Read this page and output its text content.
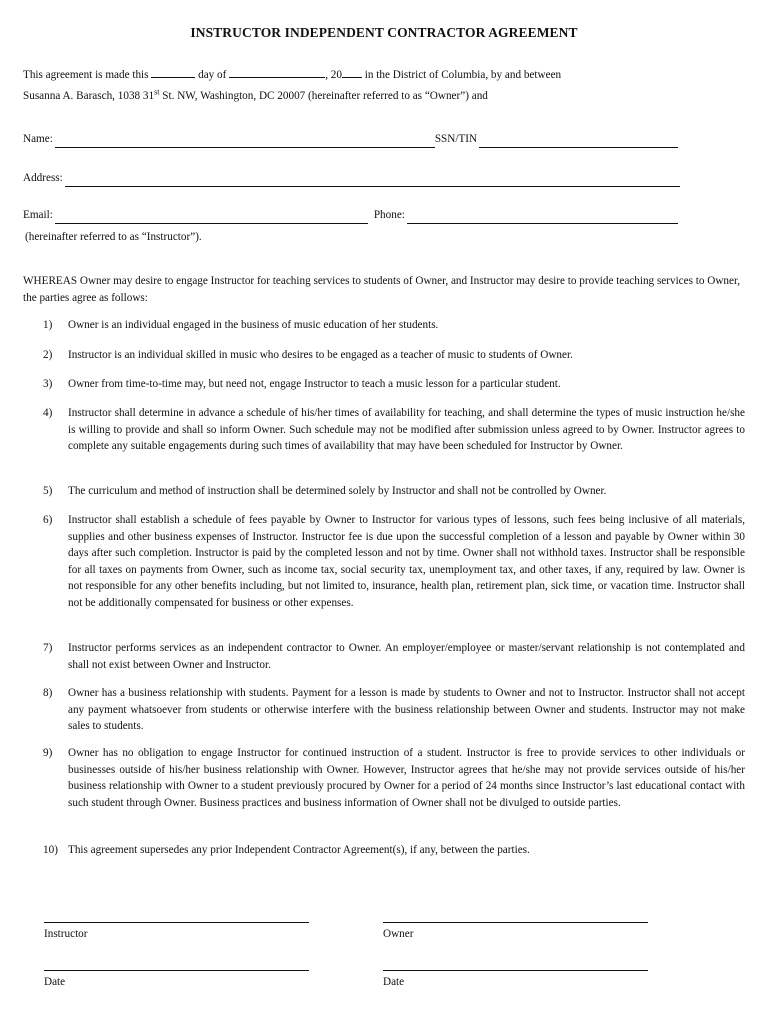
INSTRUCTOR INDEPENDENT CONTRACTOR AGREEMENT
This agreement is made this	day of	, 20 in the District of Columbia, by and between
Susanna A. Barasch, 1038 31st St. NW, Washington, DC 20007 (hereinafter referred to as “Owner”) and
Name:	SSN/TIN
Address:
Email:	Phone:
(hereinafter referred to as “Instructor”).
WHEREAS Owner may desire to engage Instructor for teaching services to students of Owner, and Instructor may desire to provide teaching services to Owner, the parties agree as follows:
1)	Owner is an individual engaged in the business of music education of her students.
2)	Instructor is an individual skilled in music who desires to be engaged as a teacher of music to students of Owner.
3)	Owner from time-to-time may, but need not, engage Instructor to teach a music lesson for a particular student.
4)	Instructor shall determine in advance a schedule of his/her times of availability for teaching, and shall determine the types of music instruction he/she is willing to provide and shall so inform Owner. Such schedule may not be modified after submission unless agreed to by Owner. Instructor agrees to complete any suitable engagements during such times of availability that may have been scheduled for Instructor by Owner.
5)	The curriculum and method of instruction shall be determined solely by Instructor and shall not be controlled by Owner.
6)	Instructor shall establish a schedule of fees payable by Owner to Instructor for various types of lessons, such fees being inclusive of all materials, supplies and other business expenses of Instructor. Instructor fee is due upon the successful completion of a lesson and payable by Owner within 30 days after such completion. Instructor is paid by the completed lesson and not by time. Owner shall not withhold taxes. Instructor shall be responsible for all taxes on payments from Owner, such as income tax, social security tax, unemployment tax, and other taxes, if any, required by law. Owner is not responsible for any other benefits including, but not limited to, insurance, health plan, retirement plan, sick time, or vacation time. Instructor shall not be additionally compensated for business or other expenses.
7)	Instructor performs services as an independent contractor to Owner. An employer/employee or master/servant relationship is not contemplated and shall not exist between Owner and Instructor.
8)	Owner has a business relationship with students. Payment for a lesson is made by students to Owner and not to Instructor. Instructor shall not accept any payment whatsoever from students or otherwise interfere with the business relationship between Owner and students. Instructor may not make sales to students.
9)	Owner has no obligation to engage Instructor for continued instruction of a student. Instructor is free to provide services to other individuals or businesses outside of his/her business relationship with Owner. However, Instructor agrees that he/she may not provide services outside of his/her business relationship with Owner to a student previously procured by Owner for a period of 24 months since Instructor’s last educational contact with such student through Owner. Business practices and business information of Owner shall not be divulged to outside parties.
10) This agreement supersedes any prior Independent Contractor Agreement(s), if any, between the parties.
Instructor	Owner
Date	Date
